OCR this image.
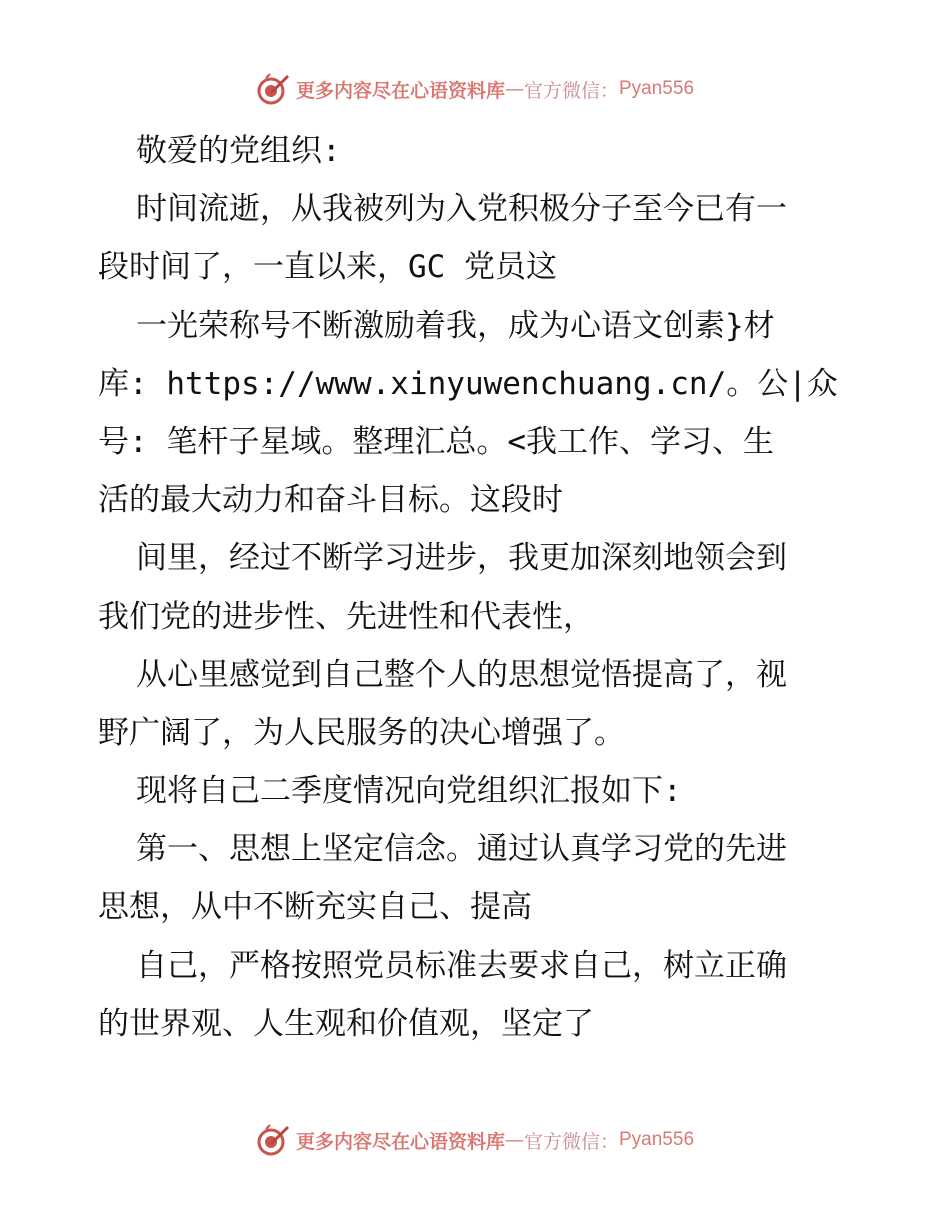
更多内容尽在心语资料库 — 官方微信： Pyan556
敬爱的党组织:
时间流逝，从我被列为入党积极分子至今已有一
段时间了，一直以来，GC 党员这
一光荣称号不断激励着我，成为心语文创素}材
库: https://www.xinyuwenchuang.cn/。公|众
号: 笔杆子星域。整理汇总。<我工作、学习、生
活的最大动力和奋斗目标。这段时
间里，经过不断学习进步，我更加深刻地领会到
我们党的进步性、先进性和代表性，
从心里感觉到自己整个人的思想觉悟提高了，视
野广阔了，为人民服务的决心增强了。
现将自己二季度情况向党组织汇报如下:
第一、思想上坚定信念。通过认真学习党的先进
思想，从中不断充实自己、提高
自己，严格按照党员标准去要求自己，树立正确
的世界观、人生观和价值观，坚定了
更多内容尽在心语资料库 — 官方微信： Pyan556
